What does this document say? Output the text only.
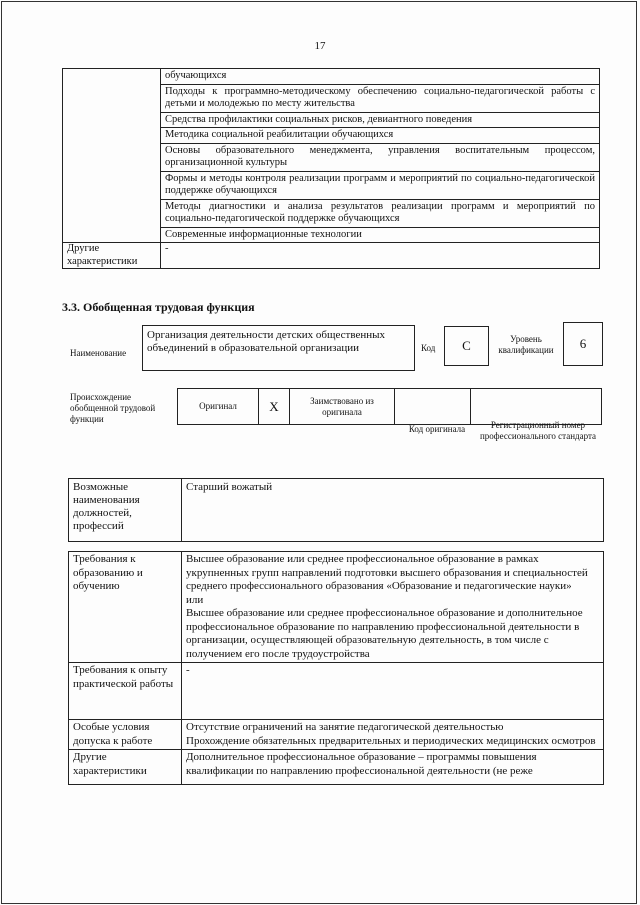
17
	обучающихся
	Подходы к программно-методическому обеспечению социально-педагогической работы с детьми и молодежью по месту жительства
	Средства профилактики социальных рисков, девиантного поведения
	Методика социальной реабилитации обучающихся
	Основы образовательного менеджмента, управления воспитательным процессом, организационной культуры
	Формы и методы контроля реализации программ и мероприятий по социально-педагогической поддержке обучающихся
	Методы диагностики и анализа результатов реализации программ и мероприятий по социально-педагогической поддержке обучающихся
	Современные информационные технологии
Другие характеристики	-
3.3. Обобщенная трудовая функция
Наименование
Организация деятельности детских общественных объединений в образовательной организации	Код	C	Уровень квалификации	6
Происхождение обобщенной трудовой функции
Оригинал	X	Заимствовано из оригинала
Код оригинала	Регистрационный номер профессионального стандарта
Возможные наименования должностей, профессий	Старший вожатый
Требования к образованию и обучению	Высшее образование или среднее профессиональное образование в рамках укрупненных групп направлений подготовки высшего образования и специальностей среднего профессионального образования «Образование и педагогические науки»
или
Высшее образование или среднее профессиональное образование и дополнительное профессиональное образование по направлению профессиональной деятельности в организации, осуществляющей образовательную деятельность, в том числе с получением его после трудоустройства

Требования к опыту практической работы	-
Особые условия допуска к работе	Отсутствие ограничений на занятие педагогической деятельностью
Прохождение обязательных предварительных и периодических медицинских осмотров

Другие характеристики	Дополнительное профессиональное образование – программы повышения квалификации по направлению профессиональной деятельности (не реже
